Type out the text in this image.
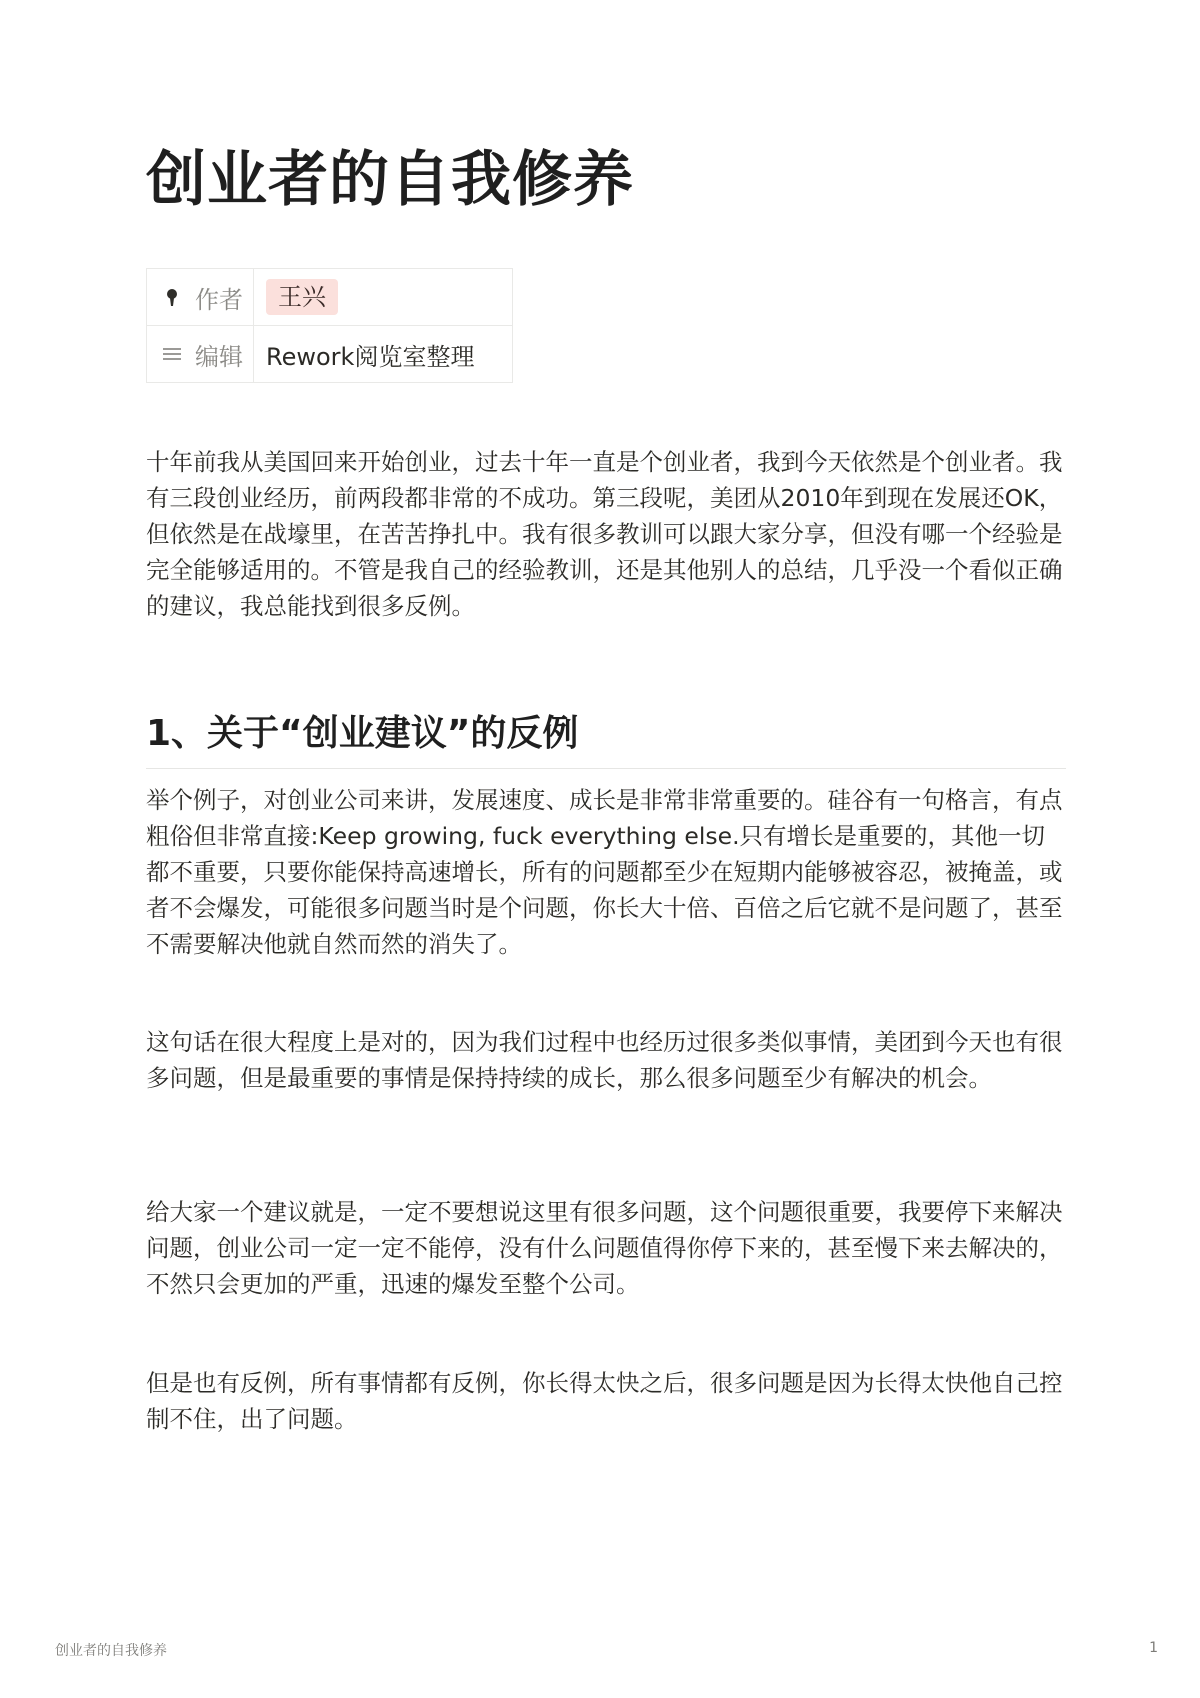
创业者的自我修养
作者	王兴

编辑	Rework阅览室整理

十年前我从美国回来开始创业，过去十年一直是个创业者，我到今天依然是个创业者。我有三段创业经历，前两段都非常的不成功。第三段呢，美团从2010年到现在发展还OK，但依然是在战壕里，在苦苦挣扎中。我有很多教训可以跟大家分享，但没有哪一个经验是完全能够适用的。不管是我自己的经验教训，还是其他别人的总结，几乎没一个看似正确的建议，我总能找到很多反例。

1、关于“创业建议”的反例

举个例子，对创业公司来讲，发展速度、成长是非常非常重要的。硅谷有一句格言，有点粗俗但非常直接:Keep growing, fuck everything else.只有增长是重要的，其他一切都不重要，只要你能保持高速增长，所有的问题都至少在短期内能够被容忍，被掩盖，或者不会爆发，可能很多问题当时是个问题，你长大十倍、百倍之后它就不是问题了，甚至不需要解决他就自然而然的消失了。

这句话在很大程度上是对的，因为我们过程中也经历过很多类似事情，美团到今天也有很多问题，但是最重要的事情是保持持续的成长，那么很多问题至少有解决的机会。

给大家一个建议就是，一定不要想说这里有很多问题，这个问题很重要，我要停下来解决问题，创业公司一定一定不能停，没有什么问题值得你停下来的，甚至慢下来去解决的，不然只会更加的严重，迅速的爆发至整个公司。

但是也有反例，所有事情都有反例，你长得太快之后，很多问题是因为长得太快他自己控制不住，出了问题。

创业者的自我修养	1
